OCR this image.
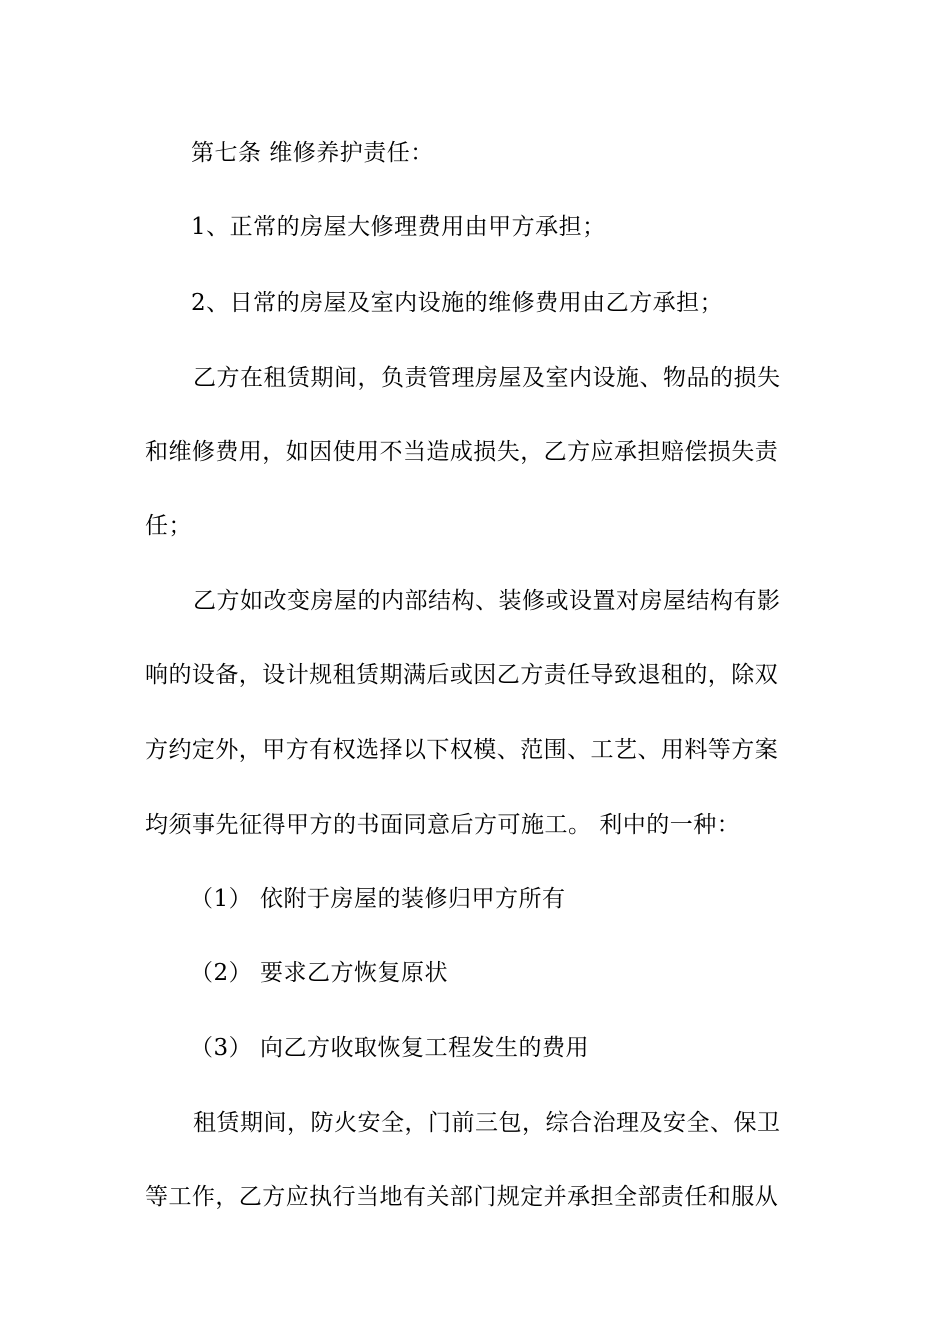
第七条 维修养护责任：
1、正常的房屋大修理费用由甲方承担；
2、日常的房屋及室内设施的维修费用由乙方承担；
乙方在租赁期间，负责管理房屋及室内设施、物品的损失
和维修费用，如因使用不当造成损失，乙方应承担赔偿损失责
任；
乙方如改变房屋的内部结构、装修或设置对房屋结构有影
响的设备，设计规租赁期满后或因乙方责任导致退租的，除双
方约定外，甲方有权选择以下权模、范围、工艺、用料等方案
均须事先征得甲方的书面同意后方可施工。 利中的一种：
（1） 依附于房屋的装修归甲方所有
（2） 要求乙方恢复原状
（3） 向乙方收取恢复工程发生的费用
租赁期间，防火安全，门前三包，综合治理及安全、保卫
等工作，乙方应执行当地有关部门规定并承担全部责任和服从
